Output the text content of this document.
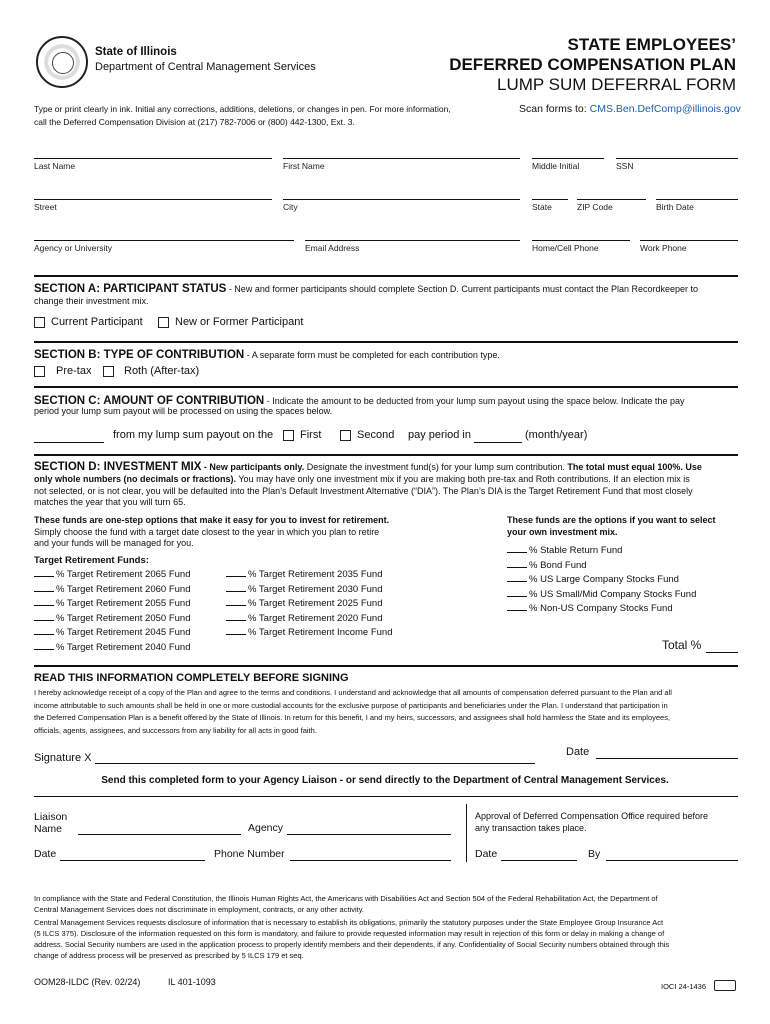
State of Illinois
Department of Central Management Services
STATE EMPLOYEES’
DEFERRED COMPENSATION PLAN
LUMP SUM DEFERRAL FORM
Type or print clearly in ink. Initial any corrections, additions, deletions, or changes in pen. For more information,
call the Deferred Compensation Division at (217) 782-7006 or (800) 442-1300, Ext. 3.
Scan forms to: CMS.Ben.DefComp@illinois.gov
Last Name	First Name	Middle Initial	SSN
Street	City	State	ZIP Code	Birth Date
Agency or University	Email Address	Home/Cell Phone	Work Phone
SECTION A: PARTICIPANT STATUS - New and former participants should complete Section D. Current participants must contact the Plan Recordkeeper to
change their investment mix.
Current Participant	New or Former Participant
SECTION B: TYPE OF CONTRIBUTION - A separate form must be completed for each contribution type.
Pre-tax	Roth (After-tax)
SECTION C: AMOUNT OF CONTRIBUTION - Indicate the amount to be deducted from your lump sum payout using the space below. Indicate the pay
period your lump sum payout will be processed on using the spaces below.
from my lump sum payout on the First	Second pay period in	(month/year)
SECTION D: INVESTMENT MIX - New participants only. Designate the investment fund(s) for your lump sum contribution. The total must equal 100%. Use
only whole numbers (no decimals or fractions). You may have only one investment mix if you are making both pre-tax and Roth contributions. If an election mix is
not selected, or is not clear, you will be defaulted into the Plan’s Default Investment Alternative (“DIA”). The Plan’s DIA is the Target Retirement Fund that most closely
matches the year that you will turn 65.
These funds are one-step options that make it easy for you to invest for retirement.
Simply choose the fund with a target date closest to the year in which you plan to retire
and your funds will be managed for you.
Target Retirement Funds:
% Target Retirement 2065 Fund
% Target Retirement 2060 Fund
% Target Retirement 2055 Fund
% Target Retirement 2050 Fund
% Target Retirement 2045 Fund
% Target Retirement 2040 Fund
% Target Retirement 2035 Fund
% Target Retirement 2030 Fund
% Target Retirement 2025 Fund
% Target Retirement 2020 Fund
% Target Retirement Income Fund
These funds are the options if you want to select
your own investment mix.
% Stable Return Fund
% Bond Fund
% US Large Company Stocks Fund
% US Small/Mid Company Stocks Fund
% Non-US Company Stocks Fund
Total %
READ THIS INFORMATION COMPLETELY BEFORE SIGNING
I hereby acknowledge receipt of a copy of the Plan and agree to the terms and conditions. I understand and acknowledge that all amounts of compensation deferred pursuant to the Plan and all
income attributable to such amounts shall be held in one or more custodial accounts for the exclusive purpose of participants and beneficiaries under the Plan. I understand that participation in
the Deferred Compensation Plan is a benefit offered by the State of Illinois. In return for this benefit, I and my heirs, successors, and assignees shall hold harmless the State and its employees,
officials, agents, assignees, and successors from any liability for all acts in good faith.
Signature X	Date
Send this completed form to your Agency Liaison - or send directly to the Department of Central Management Services.
Liaison
Name	Agency
Date	Phone Number
Approval of Deferred Compensation Office required before
any transaction takes place.
Date	By
In compliance with the State and Federal Constitution, the Illinois Human Rights Act, the Americans with Disabilities Act and Section 504 of the Federal Rehabilitation Act, the Department of
Central Management Services does not discriminate in employment, contracts, or any other activity.
Central Management Services requests disclosure of information that is necessary to establish its obligations, primarily the statutory purposes under the State Employee Group Insurance Act
(5 ILCS 375). Disclosure of the information requested on this form is mandatory, and failure to provide requested information may result in rejection of this form or delay in making a change of
address. Social Security numbers are used in the application process to properly identify members and their dependents, if any. Confidentiality of Social Security numbers obtained through this
change of address process will be preserved as prescribed by 5 ILCS 179 et seq.
OOM28-ILDC (Rev. 02/24)	IL 401-1093	IOCI 24-1436
